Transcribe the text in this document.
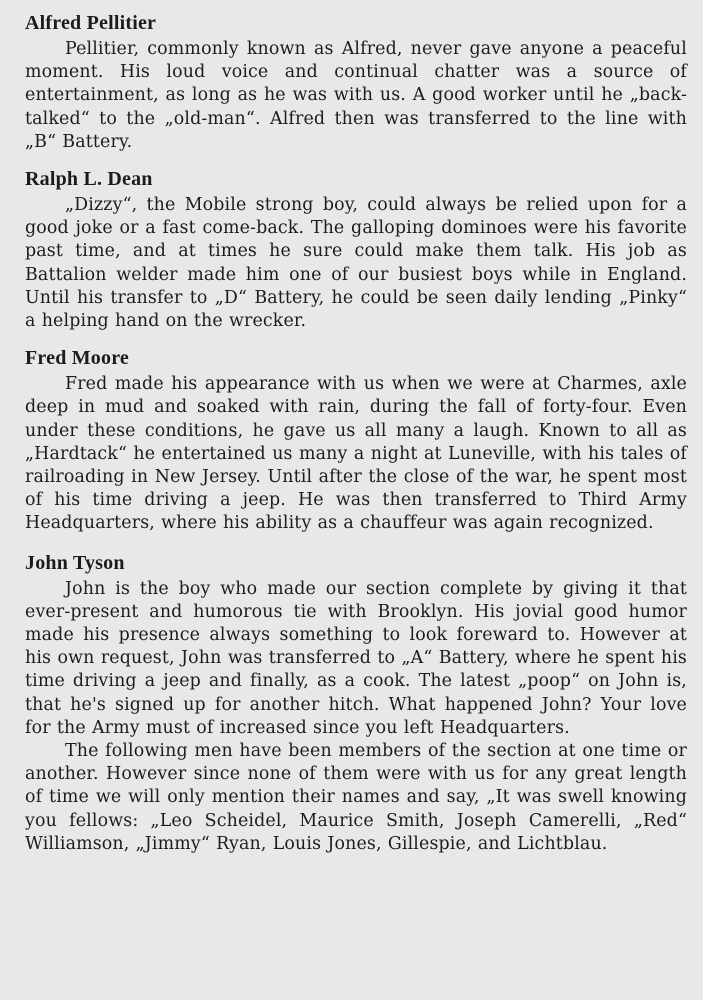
Alfred Pellitier

Pellitier, commonly known as Alfred, never gave anyone a peaceful moment. His loud voice and continual chatter was a source of entertainment, as long as he was with us. A good worker until he „back-talked“ to the „old-man“. Alfred then was transferred to the line with „B“ Battery.

Ralph L. Dean

„Dizzy“, the Mobile strong boy, could always be relied upon for a good joke or a fast come-back. The galloping dominoes were his favorite past time, and at times he sure could make them talk. His job as Battalion welder made him one of our busiest boys while in England. Until his transfer to „D“ Battery, he could be seen daily lending „Pinky“ a helping hand on the wrecker.

Fred Moore

Fred made his appearance with us when we were at Charmes, axle deep in mud and soaked with rain, during the fall of forty-four. Even under these conditions, he gave us all many a laugh. Known to all as „Hardtack“ he entertained us many a night at Luneville, with his tales of railroading in New Jersey. Until after the close of the war, he spent most of his time driving a jeep. He was then transferred to Third Army Headquarters, where his ability as a chauffeur was again recognized.

John Tyson

John is the boy who made our section complete by giving it that ever-present and humorous tie with Brooklyn. His jovial good humor made his presence always something to look foreward to. However at his own request, John was transferred to „A“ Battery, where he spent his time driving a jeep and finally, as a cook. The latest „poop“ on John is, that he's signed up for another hitch. What happened John? Your love for the Army must of increased since you left Headquarters.

The following men have been members of the section at one time or another. However since none of them were with us for any great length of time we will only mention their names and say, „It was swell knowing you fellows: „Leo Scheidel, Maurice Smith, Joseph Camerelli, „Red“ Williamson, „Jimmy“ Ryan, Louis Jones, Gillespie, and Lichtblau.
